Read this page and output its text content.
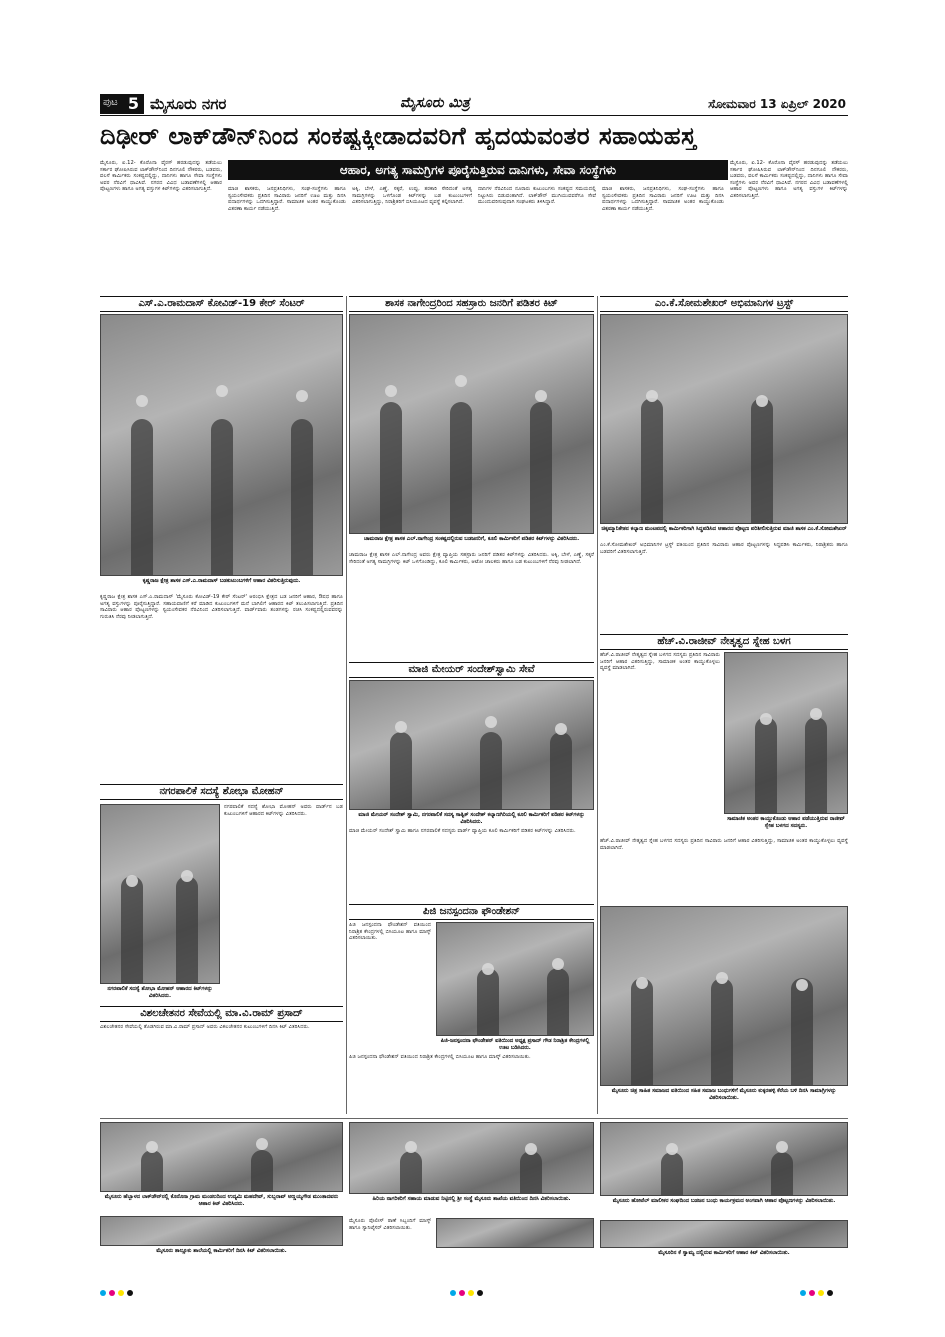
ಪುಟ 5 ಮೈಸೂರು ನಗರ	ಮೈಸೂರು ಮಿತ್ರ	ಸೋಮವಾರ 13 ಏಪ್ರಿಲ್ 2020
ದಿಢೀರ್ ಲಾಕ್‌ಡೌನ್‌ನಿಂದ ಸಂಕಷ್ಟಕ್ಕೀಡಾದವರಿಗೆ ಹೃದಯವಂತರ ಸಹಾಯಹಸ್ತ
ಆಹಾರ, ಅಗತ್ಯ ಸಾಮಗ್ರಿಗಳ ಪೂರೈಸುತ್ತಿರುವ ದಾನಿಗಳು, ಸೇವಾ ಸಂಸ್ಥೆಗಳು
ಮೈಸೂರು, ಏ.12- ಕೊರೊನಾ ವೈರಸ್ ಹರಡುವುದನ್ನು ತಡೆಯಲು ಸರ್ಕಾರ ಘೋಷಿಸಿರುವ ಲಾಕ್‌ಡೌನ್‌ನಿಂದ ದಿನಗೂಲಿ ನೌಕರರು, ಬಡವರು, ವಲಸೆ ಕಾರ್ಮಿಕರು ಸಂಕಷ್ಟದಲ್ಲಿದ್ದು, ದಾನಿಗಳು ಹಾಗೂ ಸೇವಾ ಸಂಸ್ಥೆಗಳು ಅವರ ನೆರವಿಗೆ ಧಾವಿಸಿವೆ. ನಗರದ ವಿವಿಧ ಬಡಾವಣೆಗಳಲ್ಲಿ ಆಹಾರ ಪೊಟ್ಟಣಗಳು ಹಾಗೂ ಅಗತ್ಯ ವಸ್ತುಗಳ ಕಿಟ್‌ಗಳನ್ನು ವಿತರಿಸಲಾಗುತ್ತಿದೆ.	ಮಾಜಿ ಶಾಸಕರು, ಜನಪ್ರತಿನಿಧಿಗಳು, ಸಂಘ-ಸಂಸ್ಥೆಗಳು ಹಾಗೂ ಸ್ವಯಂಸೇವಕರು ಪ್ರತಿದಿನ ಸಾವಿರಾರು ಜನರಿಗೆ ಊಟ ಮತ್ತು ದಿನಸಿ ಪದಾರ್ಥಗಳನ್ನು ಒದಗಿಸುತ್ತಿದ್ದಾರೆ. ಸಾಮಾಜಿಕ ಅಂತರ ಕಾಯ್ದುಕೊಂಡು ವಿತರಣಾ ಕಾರ್ಯ ನಡೆಯುತ್ತಿದೆ.
ಅಕ್ಕಿ, ಬೇಳೆ, ಎಣ್ಣೆ, ಸಕ್ಕರೆ, ಉಪ್ಪು, ತರಕಾರಿ ಸೇರಿದಂತೆ ಅಗತ್ಯ ಸಾಮಗ್ರಿಗಳನ್ನು ಒಳಗೊಂಡ ಕಿಟ್‌ಗಳನ್ನು ಬಡ ಕುಟುಂಬಗಳಿಗೆ ವಿತರಿಸಲಾಗುತ್ತಿದ್ದು, ನಿರಾಶ್ರಿತರಿಗೆ ಬಿಸಿಯೂಟದ ವ್ಯವಸ್ಥೆ ಕಲ್ಪಿಸಲಾಗಿದೆ.
ದಾನಿಗಳ ನೆರವಿನಿಂದ ನೂರಾರು ಕುಟುಂಬಗಳು ಸಂಕಷ್ಟದ ಸಮಯದಲ್ಲಿ ನಿಟ್ಟುಸಿರು ಬಿಡುವಂತಾಗಿದೆ. ಲಾಕ್‌ಡೌನ್ ಮುಗಿಯುವವರೆಗೂ ಸೇವೆ ಮುಂದುವರಿಸುವುದಾಗಿ ಸಂಘಟಕರು ತಿಳಿಸಿದ್ದಾರೆ.
ಮಾಜಿ ಶಾಸಕರು, ಜನಪ್ರತಿನಿಧಿಗಳು, ಸಂಘ-ಸಂಸ್ಥೆಗಳು ಹಾಗೂ ಸ್ವಯಂಸೇವಕರು ಪ್ರತಿದಿನ ಸಾವಿರಾರು ಜನರಿಗೆ ಊಟ ಮತ್ತು ದಿನಸಿ ಪದಾರ್ಥಗಳನ್ನು ಒದಗಿಸುತ್ತಿದ್ದಾರೆ. ಸಾಮಾಜಿಕ ಅಂತರ ಕಾಯ್ದುಕೊಂಡು ವಿತರಣಾ ಕಾರ್ಯ ನಡೆಯುತ್ತಿದೆ.
ಮೈಸೂರು, ಏ.12- ಕೊರೊನಾ ವೈರಸ್ ಹರಡುವುದನ್ನು ತಡೆಯಲು ಸರ್ಕಾರ ಘೋಷಿಸಿರುವ ಲಾಕ್‌ಡೌನ್‌ನಿಂದ ದಿನಗೂಲಿ ನೌಕರರು, ಬಡವರು, ವಲಸೆ ಕಾರ್ಮಿಕರು ಸಂಕಷ್ಟದಲ್ಲಿದ್ದು, ದಾನಿಗಳು ಹಾಗೂ ಸೇವಾ ಸಂಸ್ಥೆಗಳು ಅವರ ನೆರವಿಗೆ ಧಾವಿಸಿವೆ. ನಗರದ ವಿವಿಧ ಬಡಾವಣೆಗಳಲ್ಲಿ ಆಹಾರ ಪೊಟ್ಟಣಗಳು ಹಾಗೂ ಅಗತ್ಯ ವಸ್ತುಗಳ ಕಿಟ್‌ಗಳನ್ನು ವಿತರಿಸಲಾಗುತ್ತಿದೆ.
ಎಸ್.ಎ.ರಾಮದಾಸ್ ಕೋವಿಡ್-19 ಕೇರ್ ಸೆಂಟರ್
ಕೃಷ್ಣರಾಜ ಕ್ಷೇತ್ರ ಶಾಸಕ ಎಸ್.ಎ.ರಾಮದಾಸ್ ಬಡಕುಟುಂಬಗಳಿಗೆ ಆಹಾರ ವಿತರಿಸುತ್ತಿರುವುದು.
ಕೃಷ್ಣರಾಜ ಕ್ಷೇತ್ರ ಶಾಸಕ ಎಸ್.ಎ.ರಾಮದಾಸ್ 'ಮೈಸೂರು ಕೋವಿಡ್-19 ಕೇರ್ ಸೆಂಟರ್' ಆರಂಭಿಸಿ ಕ್ಷೇತ್ರದ ಬಡ ಜನರಿಗೆ ಆಹಾರ, ಔಷಧ ಹಾಗೂ ಅಗತ್ಯ ವಸ್ತುಗಳನ್ನು ಪೂರೈಸುತ್ತಿದ್ದಾರೆ. ಸಹಾಯವಾಣಿಗೆ ಕರೆ ಮಾಡಿದ ಕುಟುಂಬಗಳಿಗೆ ಮನೆ ಬಾಗಿಲಿಗೆ ಆಹಾರದ ಕಿಟ್ ತಲುಪಿಸಲಾಗುತ್ತಿದೆ. ಪ್ರತಿದಿನ ಸಾವಿರಾರು ಆಹಾರ ಪೊಟ್ಟಣಗಳನ್ನು ಸ್ವಯಂಸೇವಕರ ನೆರವಿನಿಂದ ವಿತರಿಸಲಾಗುತ್ತಿದೆ. ವಾರ್ಡ್‌ವಾರು ತಂಡಗಳನ್ನು ರಚಿಸಿ ಸಂಕಷ್ಟದಲ್ಲಿರುವವರನ್ನು ಗುರುತಿಸಿ ನೆರವು ನೀಡಲಾಗುತ್ತಿದೆ.
ಶಾಸಕ ನಾಗೇಂದ್ರರಿಂದ ಸಹಸ್ರಾರು ಜನರಿಗೆ ಪಡಿತರ ಕಿಟ್
ಚಾಮರಾಜ ಕ್ಷೇತ್ರ ಶಾಸಕ ಎಲ್.ನಾಗೇಂದ್ರ ಸಂಕಷ್ಟದಲ್ಲಿರುವ ಬಡಜನರಿಗೆ, ಕೂಲಿ ಕಾರ್ಮಿಕರಿಗೆ ಪಡಿತರ ಕಿಟ್‌ಗಳನ್ನು ವಿತರಿಸಿದರು.
ಚಾಮರಾಜ ಕ್ಷೇತ್ರ ಶಾಸಕ ಎಲ್.ನಾಗೇಂದ್ರ ಅವರು ಕ್ಷೇತ್ರ ವ್ಯಾಪ್ತಿಯ ಸಹಸ್ರಾರು ಜನರಿಗೆ ಪಡಿತರ ಕಿಟ್‌ಗಳನ್ನು ವಿತರಿಸಿದರು. ಅಕ್ಕಿ, ಬೇಳೆ, ಎಣ್ಣೆ, ಸಕ್ಕರೆ ಸೇರಿದಂತೆ ಅಗತ್ಯ ಸಾಮಗ್ರಿಗಳನ್ನು ಕಿಟ್ ಒಳಗೊಂಡಿದ್ದು, ಕೂಲಿ ಕಾರ್ಮಿಕರು, ಆಟೋ ಚಾಲಕರು ಹಾಗೂ ಬಡ ಕುಟುಂಬಗಳಿಗೆ ನೆರವು ನೀಡಲಾಗಿದೆ.
ಎಂ.ಕೆ.ಸೋಮಶೇಖರ್ ಅಭಿಮಾನಿಗಳ ಟ್ರಸ್ಟ್
ಚಿಕ್ಕಮ್ಮಾನಿಕೇತನ ಕಲ್ಯಾಣ ಮಂಟಪದಲ್ಲಿ ಕಾರ್ಮಿಕರಿಗಾಗಿ ಸಿದ್ಧಪಡಿಸಿದ ಆಹಾರದ ಪೊಟ್ಟಣ ಪರಿಶೀಲಿಸುತ್ತಿರುವ ಮಾಜಿ ಶಾಸಕ ಎಂ.ಕೆ.ಸೋಮಶೇಖರ್
ಎಂ.ಕೆ.ಸೋಮಶೇಖರ್ ಅಭಿಮಾನಿಗಳ ಟ್ರಸ್ಟ್ ವತಿಯಿಂದ ಪ್ರತಿದಿನ ಸಾವಿರಾರು ಆಹಾರ ಪೊಟ್ಟಣಗಳನ್ನು ಸಿದ್ಧಪಡಿಸಿ ಕಾರ್ಮಿಕರು, ನಿರಾಶ್ರಿತರು ಹಾಗೂ ಬಡವರಿಗೆ ವಿತರಿಸಲಾಗುತ್ತಿದೆ.
ಮಾಜಿ ಮೇಯರ್ ಸಂದೇಶ್‌ಸ್ವಾಮಿ ಸೇವೆ
ಮಾಜಿ ಮೇಯರ್ ಸಂದೇಶ್ ಸ್ವಾಮಿ, ನಗರಪಾಲಿಕೆ ಸದಸ್ಯ ಸಾತ್ವಿಕ್ ಸಂದೇಶ್ ಕಲ್ಯಾಣಗಿರಿಯಲ್ಲಿ ಕೂಲಿ ಕಾರ್ಮಿಕರಿಗೆ ಪಡಿತರ ಕಿಟ್‌ಗಳನ್ನು ವಿತರಿಸಿದರು.
ಮಾಜಿ ಮೇಯರ್ ಸಂದೇಶ್ ಸ್ವಾಮಿ ಹಾಗೂ ನಗರಪಾಲಿಕೆ ಸದಸ್ಯರು ವಾರ್ಡ್ ವ್ಯಾಪ್ತಿಯ ಕೂಲಿ ಕಾರ್ಮಿಕರಿಗೆ ಪಡಿತರ ಕಿಟ್‌ಗಳನ್ನು ವಿತರಿಸಿದರು.
ಹೆಚ್.ವಿ.ರಾಜೀವ್ ನೇತೃತ್ವದ ಸ್ನೇಹ ಬಳಗ
ಹೆಚ್.ವಿ.ರಾಜೀವ್ ನೇತೃತ್ವದ ಸ್ನೇಹ ಬಳಗದ ಸದಸ್ಯರು ಪ್ರತಿದಿನ ಸಾವಿರಾರು ಜನರಿಗೆ ಆಹಾರ ವಿತರಿಸುತ್ತಿದ್ದು, ಸಾಮಾಜಿಕ ಅಂತರ ಕಾಯ್ದುಕೊಳ್ಳಲು ವ್ಯವಸ್ಥೆ ಮಾಡಲಾಗಿದೆ.
ಸಾಮಾಜಿಕ ಅಂತರ ಕಾಯ್ದುಕೊಂಡು ಆಹಾರ ಪಡೆಯುತ್ತಿರುವ ರಾಜೀವ್ ಸ್ನೇಹ ಬಳಗದ ಸದಸ್ಯರು.
ಹೆಚ್.ವಿ.ರಾಜೀವ್ ನೇತೃತ್ವದ ಸ್ನೇಹ ಬಳಗದ ಸದಸ್ಯರು ಪ್ರತಿದಿನ ಸಾವಿರಾರು ಜನರಿಗೆ ಆಹಾರ ವಿತರಿಸುತ್ತಿದ್ದು, ಸಾಮಾಜಿಕ ಅಂತರ ಕಾಯ್ದುಕೊಳ್ಳಲು ವ್ಯವಸ್ಥೆ ಮಾಡಲಾಗಿದೆ.
ನಗರಪಾಲಿಕೆ ಸದಸ್ಯೆ ಶೋಭಾ ಮೋಹನ್
ನಗರಪಾಲಿಕೆ ಸದಸ್ಯೆ ಶೋಭಾ ಮೋಹನ್ ಆಹಾರದ ಕಿಟ್‌ಗಳನ್ನು ವಿತರಿಸಿದರು.
ನಗರಪಾಲಿಕೆ ಸದಸ್ಯೆ ಶೋಭಾ ಮೋಹನ್ ಅವರು ವಾರ್ಡ್‌ನ ಬಡ ಕುಟುಂಬಗಳಿಗೆ ಆಹಾರದ ಕಿಟ್‌ಗಳನ್ನು ವಿತರಿಸಿದರು.
ಪಿಜಿ ಜನಸ್ಪಂದನಾ ಫೌಂಡೇಶನ್
ಪಿಜಿ ಜನಸ್ಪಂದನಾ ಫೌಂಡೇಶನ್ ವತಿಯಿಂದ ನಿರಾಶ್ರಿತ ಕೇಂದ್ರಗಳಲ್ಲಿ ಬಿಸಿಯೂಟ ಹಾಗೂ ಮಾಸ್ಕ್ ವಿತರಿಸಲಾಯಿತು.
ಪಿಜಿ-ಜನಸ್ಪಂದನಾ ಫೌಂಡೇಶನ್ ವತಿಯಿಂದ ಅಧ್ಯಕ್ಷ ಪ್ರಸಾದ್ ಗೌಡ ನಿರಾಶ್ರಿತ ಕೇಂದ್ರಗಳಲ್ಲಿ ಊಟ ಬಡಿಸಿದರು.
ಪಿಜಿ ಜನಸ್ಪಂದನಾ ಫೌಂಡೇಶನ್ ವತಿಯಿಂದ ನಿರಾಶ್ರಿತ ಕೇಂದ್ರಗಳಲ್ಲಿ ಬಿಸಿಯೂಟ ಹಾಗೂ ಮಾಸ್ಕ್ ವಿತರಿಸಲಾಯಿತು.
ಮೈಸೂರು ಚಿತ್ರ ಸಾಹಿತ ಸಮಾಜದ ವತಿಯಿಂದ ಸಹಿತ ಸಮಾಜ ಬಂಧುಗಳಿಗೆ ಮೈಸೂರು ಕುಕ್ಕರಹಳ್ಳಿ ಕೆರೆಯ ಬಳಿ ದಿನಸಿ ಸಾಮಾಗ್ರಿಗಳನ್ನು ವಿತರಿಸಲಾಯಿತು.
ವಿಶಲಚೇತನರ ಸೇವೆಯಲ್ಲಿ ಮಾ.ವಿ.ರಾಮ್ ಪ್ರಸಾದ್
ವಿಶಲಚೇತನರ ಸೇವೆಯಲ್ಲಿ ತೊಡಗಿರುವ ಮಾ.ವಿ.ರಾಮ್ ಪ್ರಸಾದ್ ಅವರು ವಿಕಲಚೇತನರ ಕುಟುಂಬಗಳಿಗೆ ದಿನಸಿ ಕಿಟ್ ವಿತರಿಸಿದರು.
ಮೈಸೂರು ಹೆಬ್ಬಾಳದ ಲಾಕ್‌ಡೌನ್‌ನಲ್ಲಿ ಕೊರೊನಾ ಗ್ರಾಮ ಮಂಡಲದಿಂದ ಉದ್ಯಮಿ ಮಹದೇವ್, ಸುಬ್ಬರಾವ್ ಅಣ್ಣಯ್ಯಗೌಡ ಮುಂತಾದವರು ಆಹಾರ ಕಿಟ್ ವಿತರಿಸಿದರು.
ಹಿರಿಯ ನಾಗರಿಕರಿಗೆ ಸಹಾಯ ಮಾಡುವ ನಿಟ್ಟಿನಲ್ಲಿ ಶ್ರೀ ಸಂಸ್ಥೆ ಮೈಸೂರು ಶಾಖೆಯ ವತಿಯಿಂದ ದಿನಸಿ ವಿತರಿಸಲಾಯಿತು.	ಮೈಸೂರು ಹೋಟೆಲ್ ಮಾಲೀಕರ ಸಂಘದಿಂದ ಬಡಜನ ಬಂಧು ಕಾರ್ಯಕ್ರಮದ ಅಂಗವಾಗಿ ಆಹಾರ ಪೊಟ್ಟಣಗಳನ್ನು ವಿತರಿಸಲಾಯಿತು.
ಮೈಸೂರು ತಾಲ್ಲೂಕು ಶಾಲೆಯಲ್ಲಿ ಕಾರ್ಮಿಕರಿಗೆ ದಿನಸಿ ಕಿಟ್ ವಿತರಿಸಲಾಯಿತು.
ಮೈಸೂರು ಪೊಲೀಸ್ ಠಾಣೆ ಸಿಬ್ಬಂದಿಗೆ ಮಾಸ್ಕ್ ಹಾಗೂ ಸ್ಯಾನಿಟೈಸರ್ ವಿತರಿಸಲಾಯಿತು.
ಮೈಸೂರಿನ ಕೆ ಸ್ವಾಮ್ಯ ದಲ್ಲಿರುವ ಕಾರ್ಮಿಕರಿಗೆ ಆಹಾರ ಕಿಟ್ ವಿತರಿಸಲಾಯಿತು.
